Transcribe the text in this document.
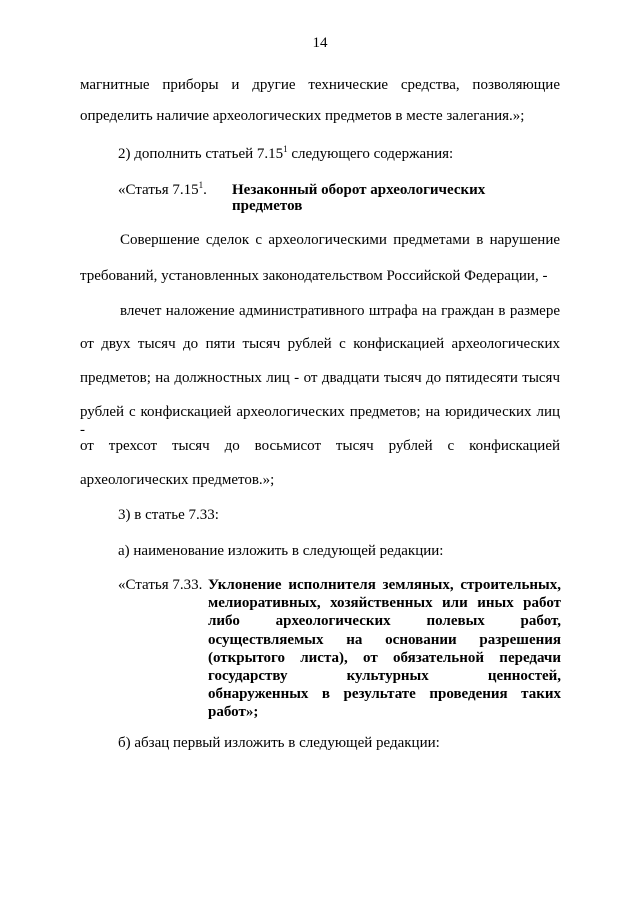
14
магнитные приборы и другие технические средства, позволяющие
определить наличие археологических предметов в месте залегания.»;
2) дополнить статьей 7.15$^1$ следующего содержания:
«Статья 7.15$^1$. Незаконный оборот археологических
предметов
Совершение сделок с археологическими предметами в нарушение
требований, установленных законодательством Российской Федерации, -
влечет наложение административного штрафа на граждан в размере
от двух тысяч до пяти тысяч рублей с конфискацией археологических
предметов; на должностных лиц - от двадцати тысяч до пятидесяти тысяч
рублей с конфискацией археологических предметов; на юридических лиц -
от трехсот тысяч до восьмисот тысяч рублей с конфискацией
археологических предметов.»;
3) в статье 7.33:
а) наименование изложить в следующей редакции:
«Статья 7.33. Уклонение исполнителя земляных, строительных,
мелиоративных, хозяйственных или иных работ
либо археологических полевых работ,
осуществляемых на основании разрешения
(открытого листа), от обязательной передачи
государству культурных ценностей,
обнаруженных в результате проведения таких
работ»;
б) абзац первый изложить в следующей редакции:
